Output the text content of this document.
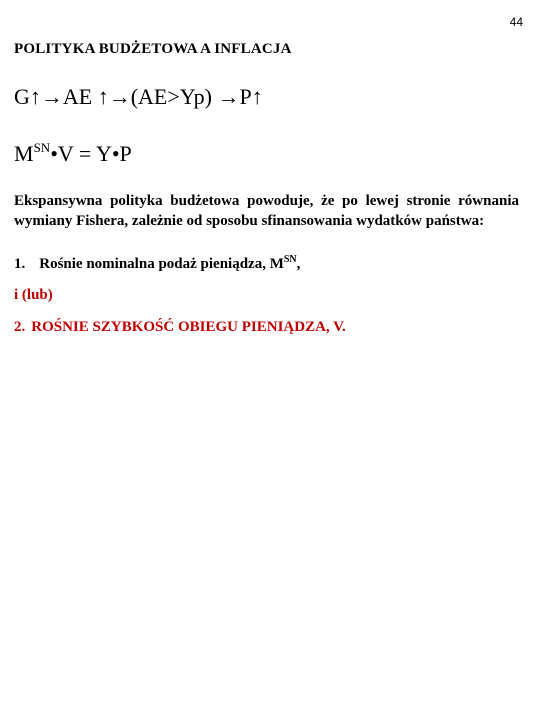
44
POLITYKA BUDŻETOWA A INFLACJA
G↑→AE ↑→(AE>Yp) →P↑
$M^{SN}•V$ = Y•P
Ekspansywna polityka budżetowa powoduje, że po lewej stronie równania wymiany Fishera, zależnie od sposobu sfinansowania wydatków państwa:
1. Rośnie nominalna podaż pieniądza, $M^{SN}$,
i (lub)
2. ROŚNIE SZYBKOŚĆ OBIEGU PIENIĄDZA, V.
